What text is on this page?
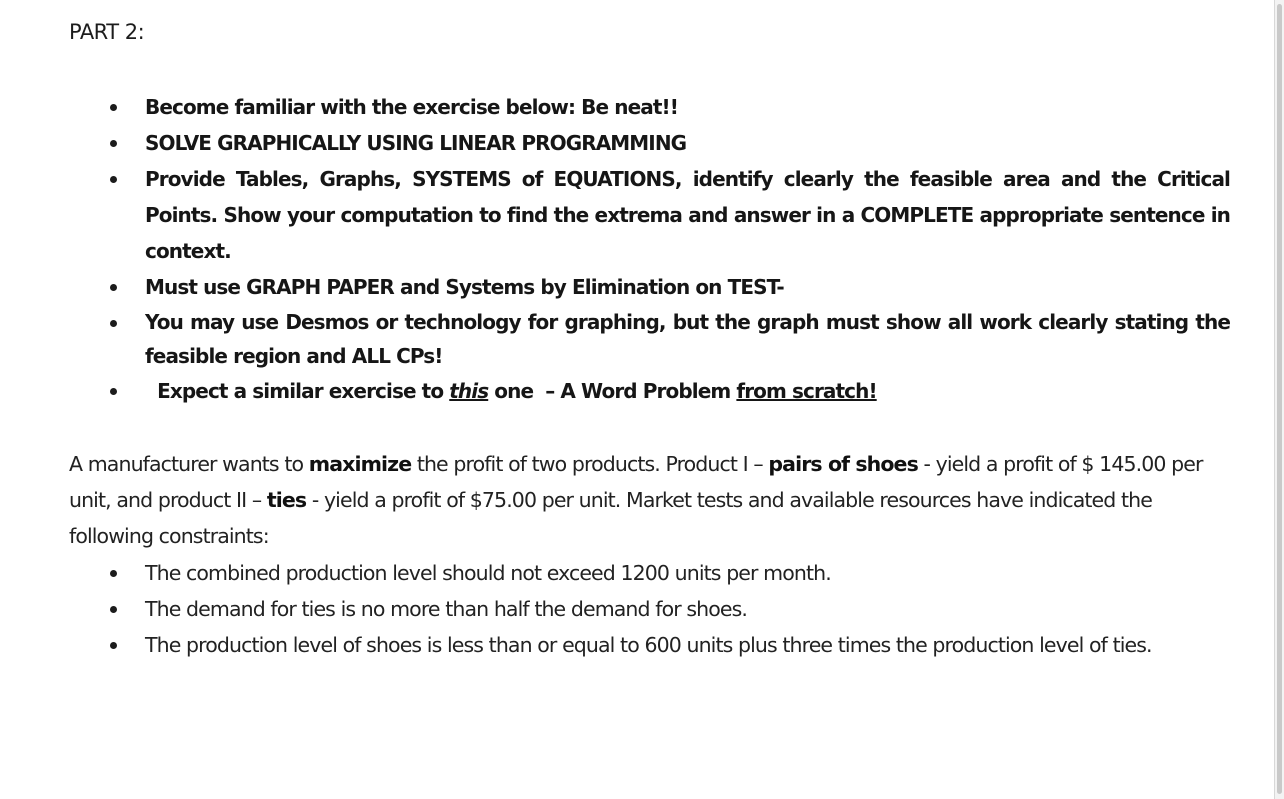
PART 2:
Become familiar with the exercise below: Be neat!!
SOLVE GRAPHICALLY USING LINEAR PROGRAMMING
Provide Tables, Graphs, SYSTEMS of EQUATIONS, identify clearly the feasible area and the Critical Points. Show your computation to find the extrema and answer in a COMPLETE appropriate sentence in context.
Must use GRAPH PAPER and Systems by Elimination on TEST-
You may use Desmos or technology for graphing, but the graph must show all work clearly stating the feasible region and ALL CPs!
Expect a similar exercise to this one  – A Word Problem from scratch!

A manufacturer wants to maximize the profit of two products. Product I – pairs of shoes - yield a profit of $ 145.00 per unit, and product II – ties - yield a profit of $75.00 per unit. Market tests and available resources have indicated the following constraints:

The combined production level should not exceed 1200 units per month.
The demand for ties is no more than half the demand for shoes.
The production level of shoes is less than or equal to 600 units plus three times the production level of ties.
